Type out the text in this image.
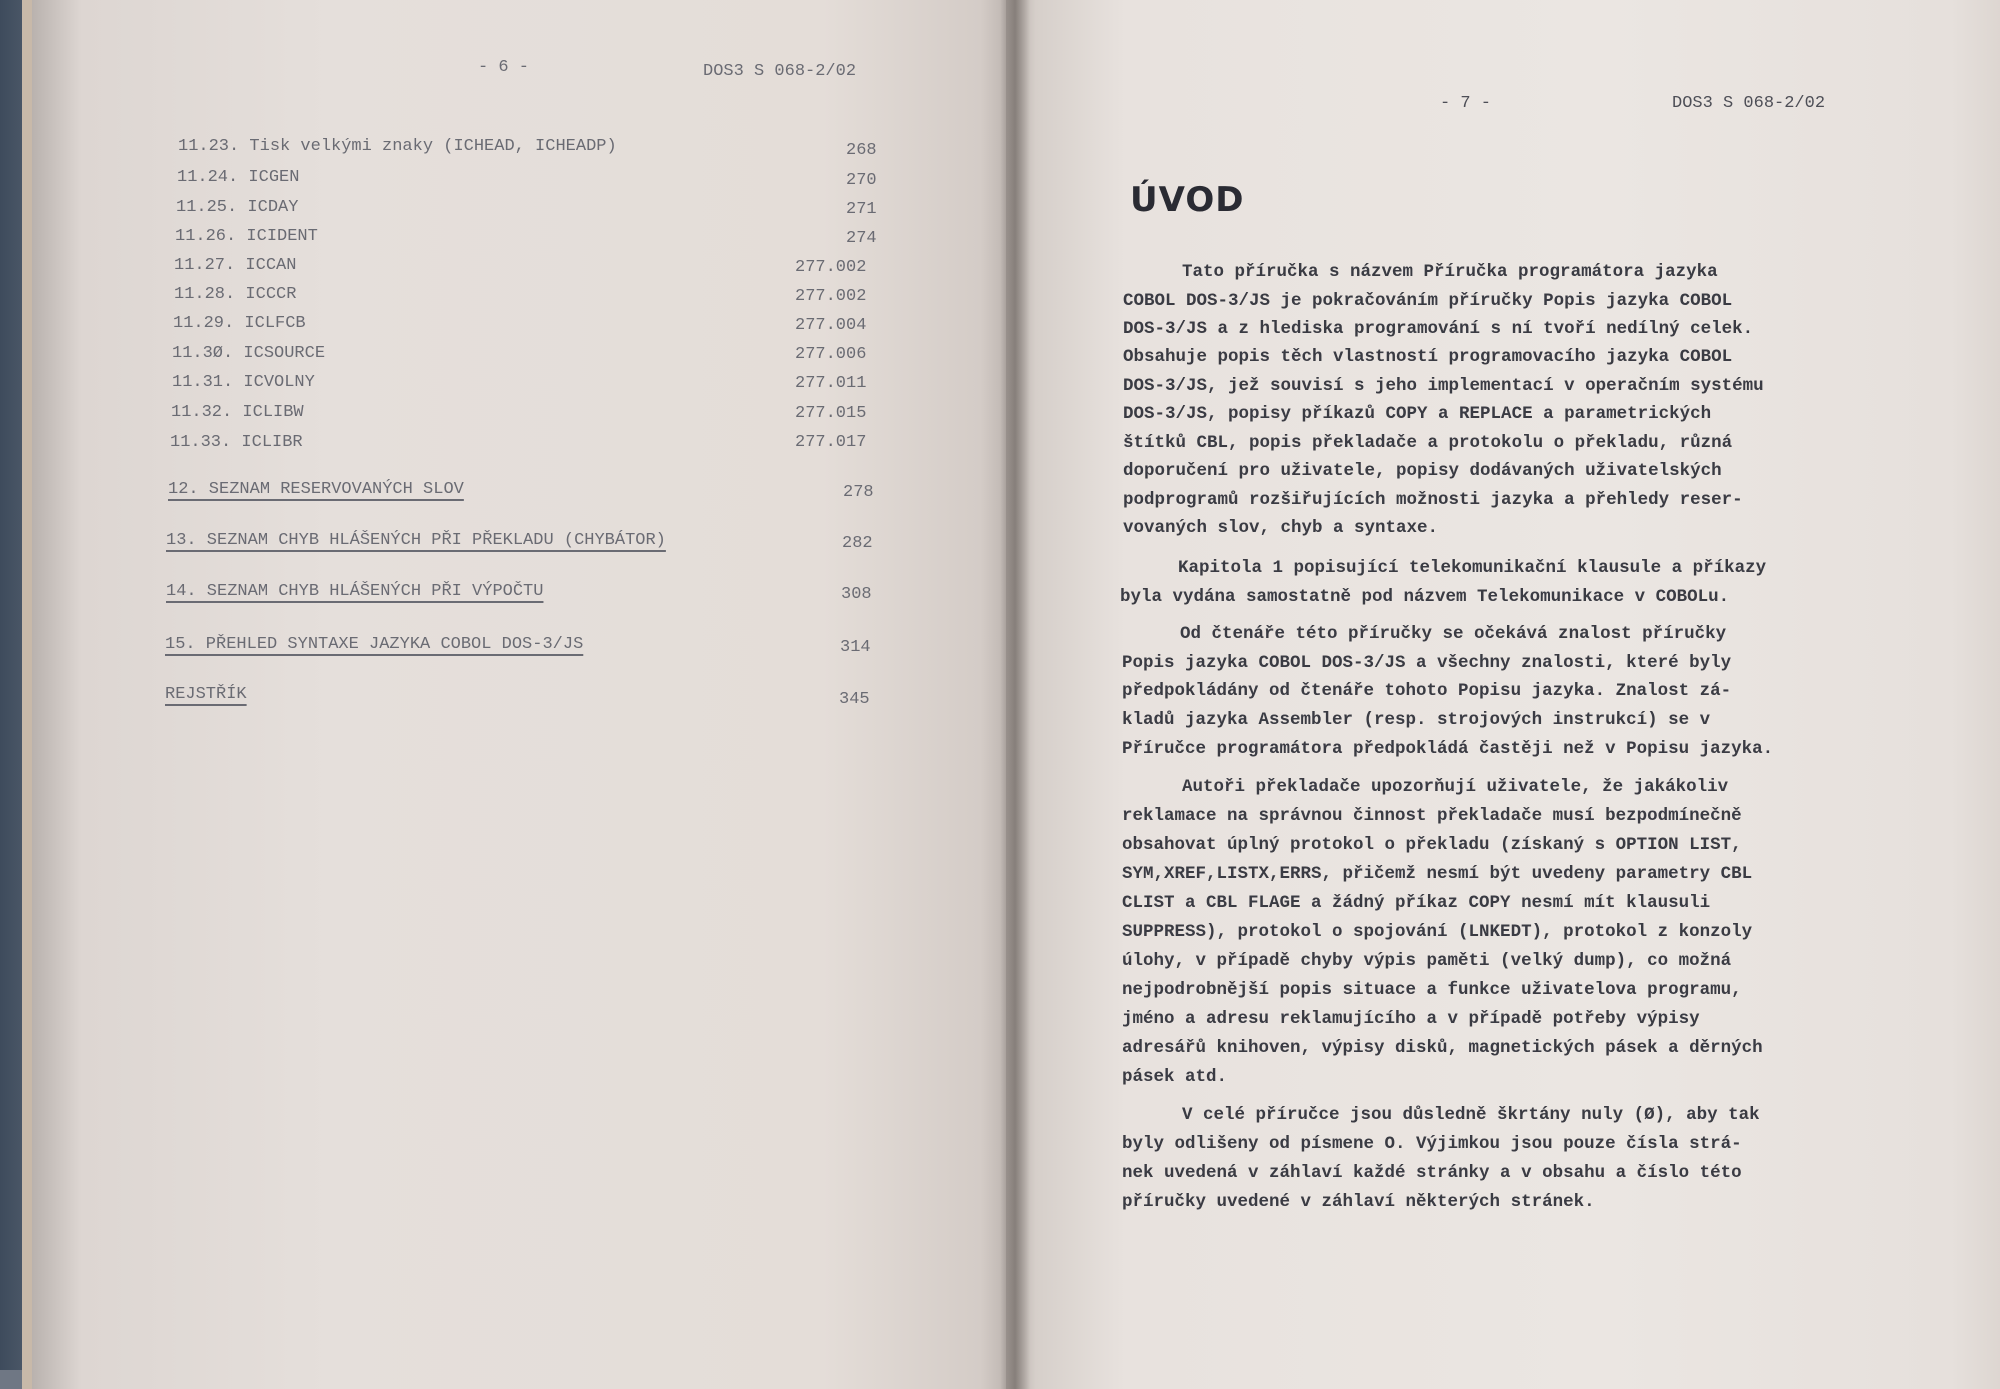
- 6 -	DOS3 S 068-2/02
11.23. Tisk velkými znaky (ICHEAD, ICHEADP)	268
11.24. ICGEN	270
11.25. ICDAY	271
11.26. ICIDENT	274
11.27. ICCAN	277.002
11.28. ICCCR	277.002
11.29. ICLFCB	277.004
11.3Ø. ICSOURCE	277.006
11.31. ICVOLNY	277.011
11.32. ICLIBW	277.015
11.33. ICLIBR	277.017
12. SEZNAM RESERVOVANÝCH SLOV	278
13. SEZNAM CHYB HLÁŠENÝCH PŘI PŘEKLADU (CHYBÁTOR)	282
14. SEZNAM CHYB HLÁŠENÝCH PŘI VÝPOČTU	308
15. PŘEHLED SYNTAXE JAZYKA COBOL DOS-3/JS	314
REJSTŘÍK	345
- 7 -	DOS3 S 068-2/02
ÚVOD
Tato příručka s názvem Příručka programátora jazyka
COBOL DOS-3/JS je pokračováním příručky Popis jazyka COBOL
DOS-3/JS a z hlediska programování s ní tvoří nedílný celek.
Obsahuje popis těch vlastností programovacího jazyka COBOL
DOS-3/JS, jež souvisí s jeho implementací v operačním systému
DOS-3/JS, popisy příkazů COPY a REPLACE a parametrických
štítků CBL, popis překladače a protokolu o překladu, různá
doporučení pro uživatele, popisy dodávaných uživatelských
podprogramů rozšiřujících možnosti jazyka a přehledy reser-
vovaných slov, chyb a syntaxe.
Kapitola 1 popisující telekomunikační klausule a příkazy
byla vydána samostatně pod názvem Telekomunikace v COBOLu.
Od čtenáře této příručky se očekává znalost příručky
Popis jazyka COBOL DOS-3/JS a všechny znalosti, které byly
předpokládány od čtenáře tohoto Popisu jazyka. Znalost zá-
kladů jazyka Assembler (resp. strojových instrukcí) se v
Příručce programátora předpokládá častěji než v Popisu jazyka.
Autoři překladače upozorňují uživatele, že jakákoliv
reklamace na správnou činnost překladače musí bezpodmínečně
obsahovat úplný protokol o překladu (získaný s OPTION LIST,
SYM,XREF,LISTX,ERRS, přičemž nesmí být uvedeny parametry CBL
CLIST a CBL FLAGE a žádný příkaz COPY nesmí mít klausuli
SUPPRESS), protokol o spojování (LNKEDT), protokol z konzoly
úlohy, v případě chyby výpis paměti (velký dump), co možná
nejpodrobnější popis situace a funkce uživatelova programu,
jméno a adresu reklamujícího a v případě potřeby výpisy
adresářů knihoven, výpisy disků, magnetických pásek a děrných
pásek atd.
V celé příručce jsou důsledně škrtány nuly (Ø), aby tak
byly odlišeny od písmene O. Výjimkou jsou pouze čísla strá-
nek uvedená v záhlaví každé stránky a v obsahu a číslo této
příručky uvedené v záhlaví některých stránek.
